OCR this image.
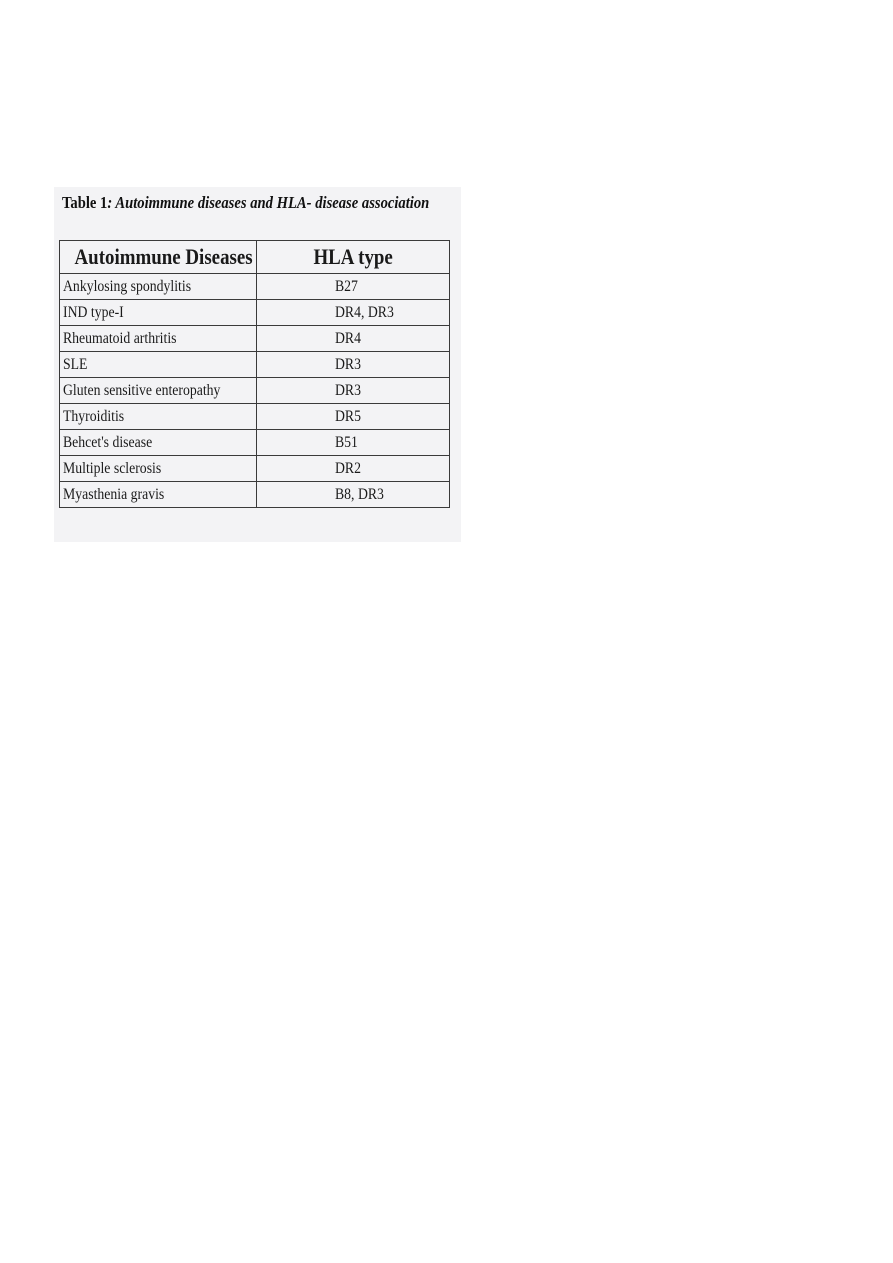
Table 1: Autoimmune diseases and HLA- disease association

Autoimmune Diseases	HLA type
Ankylosing spondylitis	B27
IND type-I	DR4, DR3
Rheumatoid arthritis	DR4
SLE	DR3
Gluten sensitive enteropathy	DR3
Thyroiditis	DR5
Behcet's disease	B51
Multiple sclerosis	DR2
Myasthenia gravis	B8, DR3
